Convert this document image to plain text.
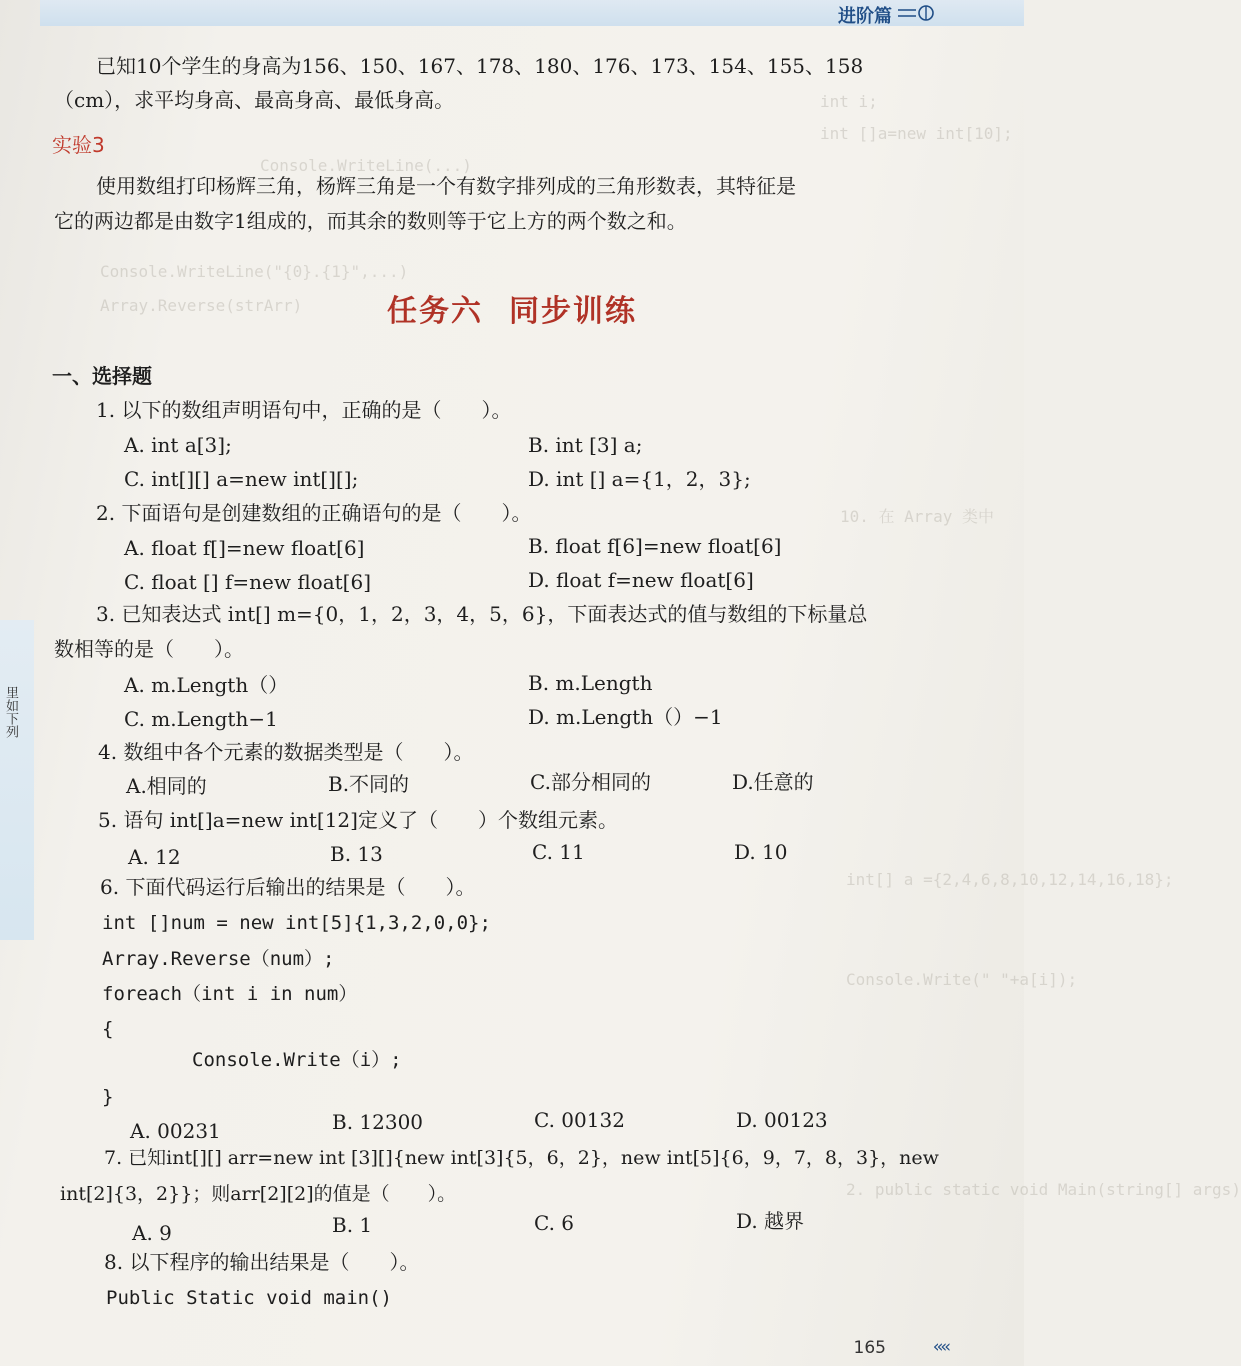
int i;
int []a=new int[10];
Console.WriteLine(...)
Console.WriteLine("{0}.{1}",...)
Array.Reverse(strArr)
10. 在 Array 类中
int[] a ={2,4,6,8,10,12,14,16,18};
Console.Write(" "+a[i]);
2. public static void Main(string[] args)
进阶篇
里如下列
已知10个学生的身高为156、150、167、178、180、176、173、154、155、158
（cm），求平均身高、最高身高、最低身高。
实验3
使用数组打印杨辉三角，杨辉三角是一个有数字排列成的三角形数表，其特征是
它的两边都是由数字1组成的，而其余的数则等于它上方的两个数之和。
任务六 同步训练
一、选择题
1. 以下的数组声明语句中，正确的是（　　）。
A. int a[3];	B. int [3] a;
C. int[][] a=new int[][];	D. int [] a={1，2，3};
2. 下面语句是创建数组的正确语句的是（　　）。
A. float f[]=new float[6]	B. float f[6]=new float[6]
C. float [] f=new float[6]	D. float f=new float[6]
3. 已知表达式 int[] m={0，1，2，3，4，5，6}，下面表达式的值与数组的下标量总
数相等的是（　　）。
A. m.Length（）	B. m.Length
C. m.Length−1	D. m.Length（）−1
4. 数组中各个元素的数据类型是（　　）。
A.相同的	B.不同的	C.部分相同的	D.任意的
5. 语句 int[]a=new int[12]定义了（　　）个数组元素。
A. 12	B. 13	C. 11	D. 10
6. 下面代码运行后输出的结果是（　　）。
int []num = new int[5]{1,3,2,0,0};
Array.Reverse（num）;
foreach（int i in num）
{
Console.Write（i）;
}
A. 00231	B. 12300	C. 00132	D. 00123
7. 已知int[][] arr=new int [3][]{new int[3]{5，6，2}，new int[5]{6，9，7，8，3}，new
int[2]{3，2}}；则arr[2][2]的值是（　　）。
A. 9	B. 1	C. 6	D. 越界
8. 以下程序的输出结果是（　　）。
Public Static void main()
165	‹‹‹‹
